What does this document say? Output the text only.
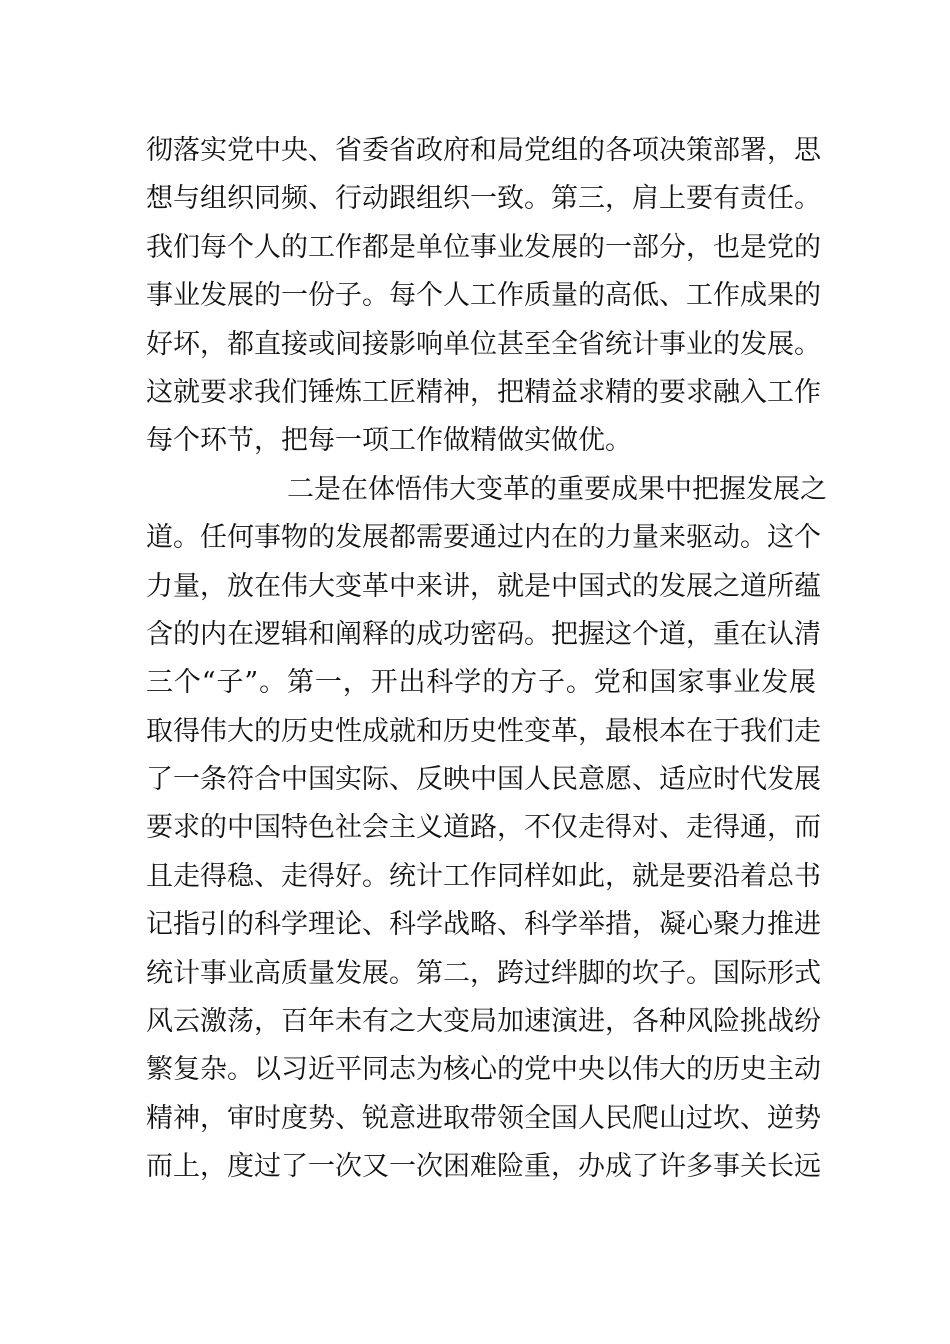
彻落实党中央、省委省政府和局党组的各项决策部署，思
想与组织同频、行动跟组织一致。第三，肩上要有责任。
我们每个人的工作都是单位事业发展的一部分，也是党的
事业发展的一份子。每个人工作质量的高低、工作成果的
好坏，都直接或间接影响单位甚至全省统计事业的发展。
这就要求我们锤炼工匠精神，把精益求精的要求融入工作
每个环节，把每一项工作做精做实做优。
二是在体悟伟大变革的重要成果中把握发展之
道。任何事物的发展都需要通过内在的力量来驱动。这个
力量，放在伟大变革中来讲，就是中国式的发展之道所蕴
含的内在逻辑和阐释的成功密码。把握这个道，重在认清
三个“子”。第一，开出科学的方子。党和国家事业发展
取得伟大的历史性成就和历史性变革，最根本在于我们走
了一条符合中国实际、反映中国人民意愿、适应时代发展
要求的中国特色社会主义道路，不仅走得对、走得通，而
且走得稳、走得好。统计工作同样如此，就是要沿着总书
记指引的科学理论、科学战略、科学举措，凝心聚力推进
统计事业高质量发展。第二，跨过绊脚的坎子。国际形式
风云激荡，百年未有之大变局加速演进，各种风险挑战纷
繁复杂。以习近平同志为核心的党中央以伟大的历史主动
精神，审时度势、锐意进取带领全国人民爬山过坎、逆势
而上，度过了一次又一次困难险重，办成了许多事关长远
